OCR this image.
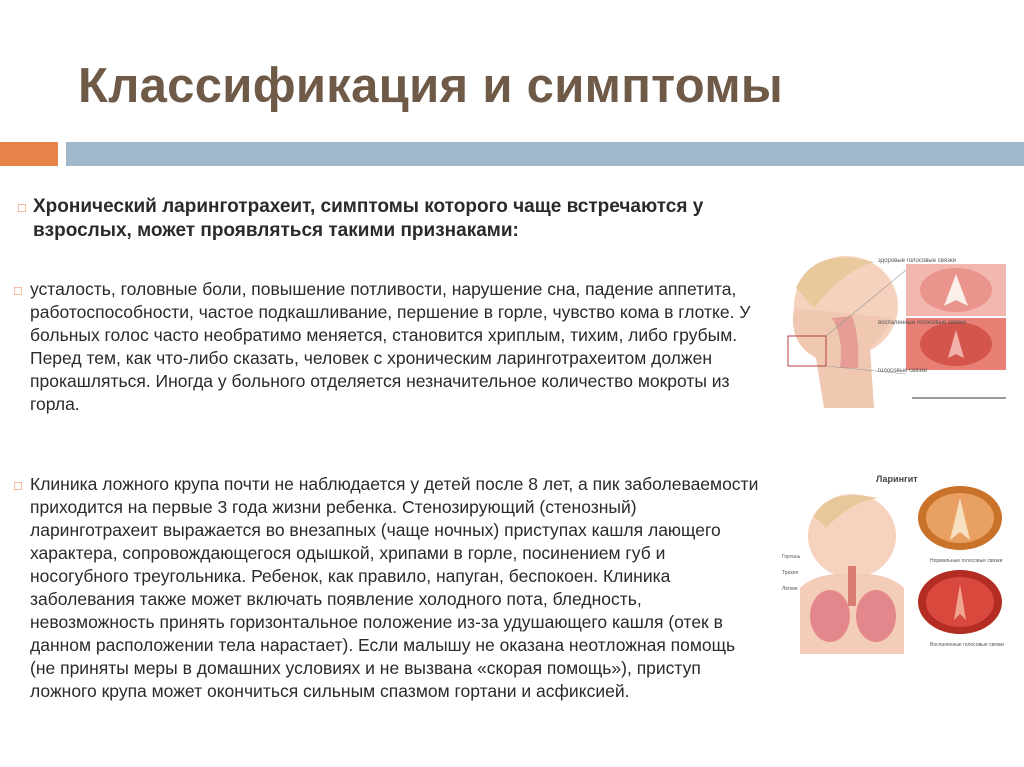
Классификация и симптомы
□ Хронический ларинготрахеит, симптомы которого чаще встречаются у взрослых, может проявляться такими признаками:

□ усталость, головные боли, повышение потливости, нарушение сна, падение аппетита, работоспособности, частое подкашливание, першение в горле, чувство кома в глотке. У больных голос часто необратимо меняется, становится хриплым, тихим, либо грубым. Перед тем, как что-либо сказать, человек с хроническим ларинготрахеитом должен прокашляться. Иногда у больного отделяется незначительное количество мокроты из горла.

□ Клиника ложного крупа почти не наблюдается у детей после 8 лет, а пик заболеваемости приходится на первые 3 года жизни ребенка. Стенозирующий (стенозный) ларинготрахеит выражается во внезапных (чаще ночных) приступах кашля лающего характера, сопровождающегося одышкой, хрипами в горле, посинением губ и носогубного треугольника. Ребенок, как правило, напуган, беспокоен. Клиника заболевания также может включать появление холодного пота, бледность, невозможность принять горизонтальное положение из-за удушающего кашля (отек в данном расположении тела нарастает). Если малышу не оказана неотложная помощь (не приняты меры в домашних условиях и не вызвана «скорая помощь»), приступ ложного крупа может окончиться сильным спазмом гортани и асфиксией.

здоровые голосовые связки
воспаленные голосовые связки
голосовые связки
Ларингит
Гортань
Трахея
Лёгкие
Нормальные голосовые связки
Воспаленные голосовые связки
